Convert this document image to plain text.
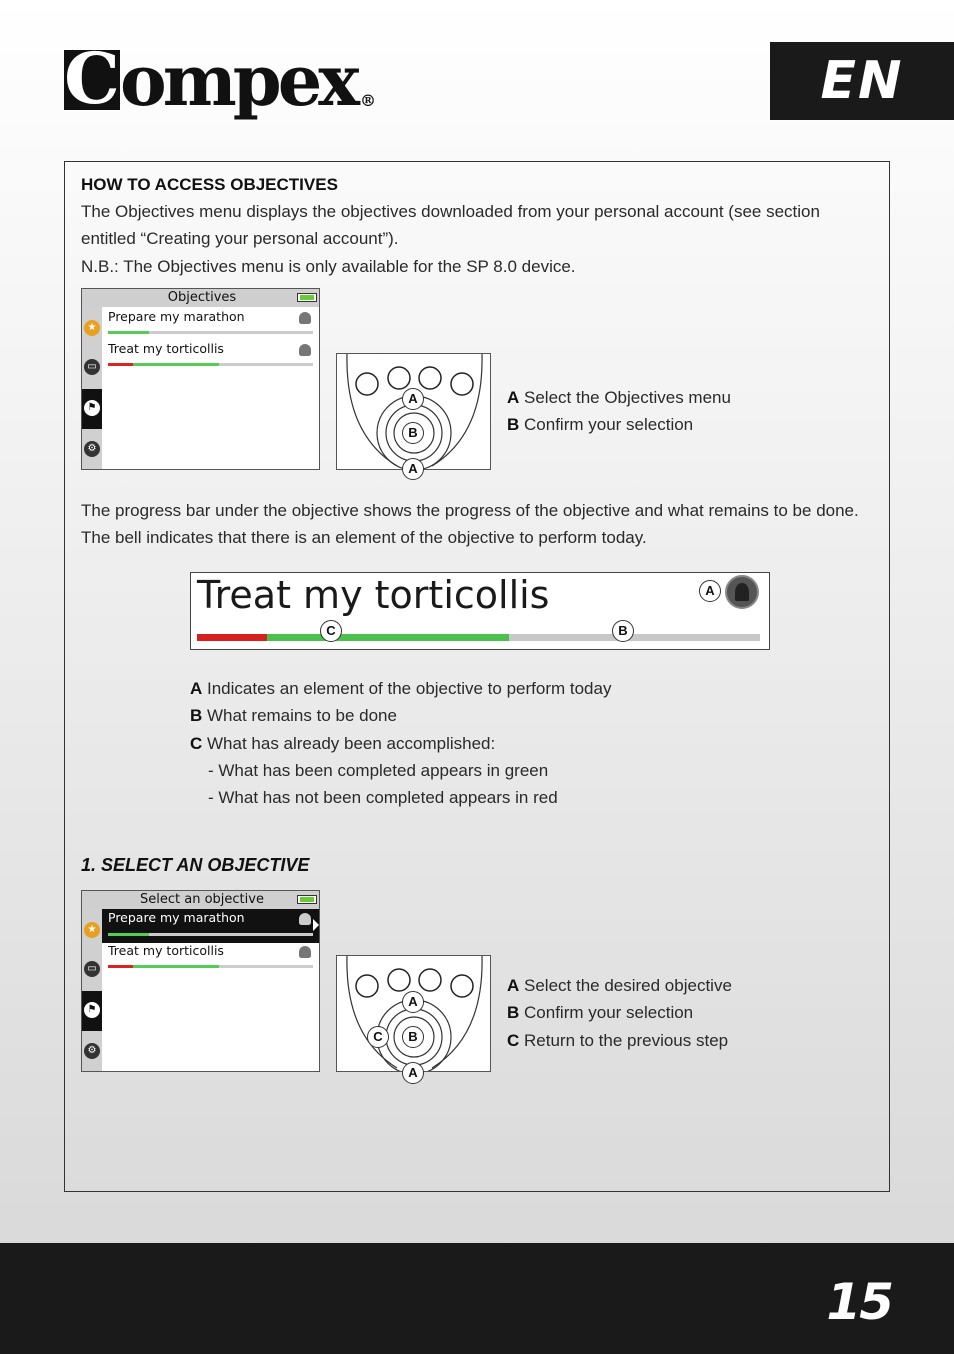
Compex ®	EN
HOW TO ACCESS OBJECTIVES
The Objectives menu displays the objectives downloaded from your personal account (see section
entitled “Creating your personal account”).
N.B.: The Objectives menu is only available for the SP 8.0 device.
Objectives
★
▭
⚑
⚙
Prepare my marathon
Treat my torticollis
A
B
A
A Select the Objectives menu
B Confirm your selection
The progress bar under the objective shows the progress of the objective and what remains to be done.
The bell indicates that there is an element of the objective to perform today.
Treat my torticollis	A
C	B
A Indicates an element of the objective to perform today
B What remains to be done
C What has already been accomplished:
- What has been completed appears in green
- What has not been completed appears in red
1. SELECT AN OBJECTIVE
Select an objective
★
▭
⚑
⚙
Prepare my marathon
Treat my torticollis
A
C	B
A
A Select the desired objective
B Confirm your selection
C Return to the previous step
15
